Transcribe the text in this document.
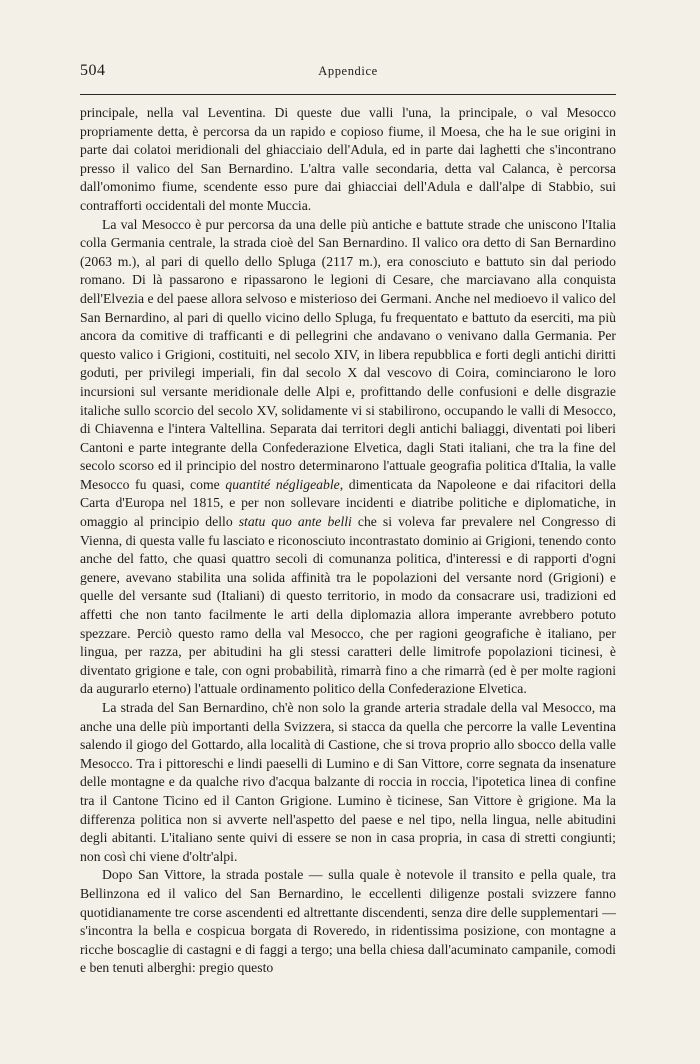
504	Appendice

principale, nella val Leventina. Di queste due valli l'una, la principale, o val Mesocco propriamente detta, è percorsa da un rapido e copioso fiume, il Moesa, che ha le sue origini in parte dai colatoi meridionali del ghiacciaio dell'Adula, ed in parte dai laghetti che s'incontrano presso il valico del San Bernardino. L'altra valle secondaria, detta val Calanca, è percorsa dall'omonimo fiume, scendente esso pure dai ghiacciai dell'Adula e dall'alpe di Stabbio, sui contrafforti occidentali del monte Muccia.

La val Mesocco è pur percorsa da una delle più antiche e battute strade che uniscono l'Italia colla Germania centrale, la strada cioè del San Bernardino. Il valico ora detto di San Bernardino (2063 m.), al pari di quello dello Spluga (2117 m.), era conosciuto e battuto sin dal periodo romano. Di là passarono e ripassarono le legioni di Cesare, che marciavano alla conquista dell'Elvezia e del paese allora selvoso e misterioso dei Germani. Anche nel medioevo il valico del San Bernardino, al pari di quello vicino dello Spluga, fu frequentato e battuto da eserciti, ma più ancora da comitive di trafficanti e di pellegrini che andavano o venivano dalla Germania. Per questo valico i Grigioni, costituiti, nel secolo XIV, in libera repubblica e forti degli antichi diritti goduti, per privilegi imperiali, fin dal secolo X dal vescovo di Coira, cominciarono le loro incursioni sul versante meridionale delle Alpi e, profittando delle confusioni e delle disgrazie italiche sullo scorcio del secolo XV, solidamente vi si stabilirono, occupando le valli di Mesocco, di Chiavenna e l'intera Valtellina. Separata dai territori degli antichi baliaggi, diventati poi liberi Cantoni e parte integrante della Confederazione Elvetica, dagli Stati italiani, che tra la fine del secolo scorso ed il principio del nostro determinarono l'attuale geografia politica d'Italia, la valle Mesocco fu quasi, come quantité négligeable, dimenticata da Napoleone e dai rifacitori della Carta d'Europa nel 1815, e per non sollevare incidenti e diatribe politiche e diplomatiche, in omaggio al principio dello statu quo ante belli che si voleva far prevalere nel Congresso di Vienna, di questa valle fu lasciato e riconosciuto incontrastato dominio ai Grigioni, tenendo conto anche del fatto, che quasi quattro secoli di comunanza politica, d'interessi e di rapporti d'ogni genere, avevano stabilita una solida affinità tra le popolazioni del versante nord (Grigioni) e quelle del versante sud (Italiani) di questo territorio, in modo da consacrare usi, tradizioni ed affetti che non tanto facilmente le arti della diplomazia allora imperante avrebbero potuto spezzare. Perciò questo ramo della val Mesocco, che per ragioni geografiche è italiano, per lingua, per razza, per abitudini ha gli stessi caratteri delle limitrofe popolazioni ticinesi, è diventato grigione e tale, con ogni probabilità, rimarrà fino a che rimarrà (ed è per molte ragioni da augurarlo eterno) l'attuale ordinamento politico della Confederazione Elvetica.

La strada del San Bernardino, ch'è non solo la grande arteria stradale della val Mesocco, ma anche una delle più importanti della Svizzera, si stacca da quella che percorre la valle Leventina salendo il giogo del Gottardo, alla località di Castione, che si trova proprio allo sbocco della valle Mesocco. Tra i pittoreschi e lindi paeselli di Lumino e di San Vittore, corre segnata da insenature delle montagne e da qualche rivo d'acqua balzante di roccia in roccia, l'ipotetica linea di confine tra il Cantone Ticino ed il Canton Grigione. Lumino è ticinese, San Vittore è grigione. Ma la differenza politica non si avverte nell'aspetto del paese e nel tipo, nella lingua, nelle abitudini degli abitanti. L'italiano sente quivi di essere se non in casa propria, in casa di stretti congiunti; non così chi viene d'oltr'alpi.

Dopo San Vittore, la strada postale — sulla quale è notevole il transito e pella quale, tra Bellinzona ed il valico del San Bernardino, le eccellenti diligenze postali svizzere fanno quotidianamente tre corse ascendenti ed altrettante discendenti, senza dire delle supplementari — s'incontra la bella e cospicua borgata di Roveredo, in ridentissima posizione, con montagne a ricche boscaglie di castagni e di faggi a tergo; una bella chiesa dall'acuminato campanile, comodi e ben tenuti alberghi: pregio questo
